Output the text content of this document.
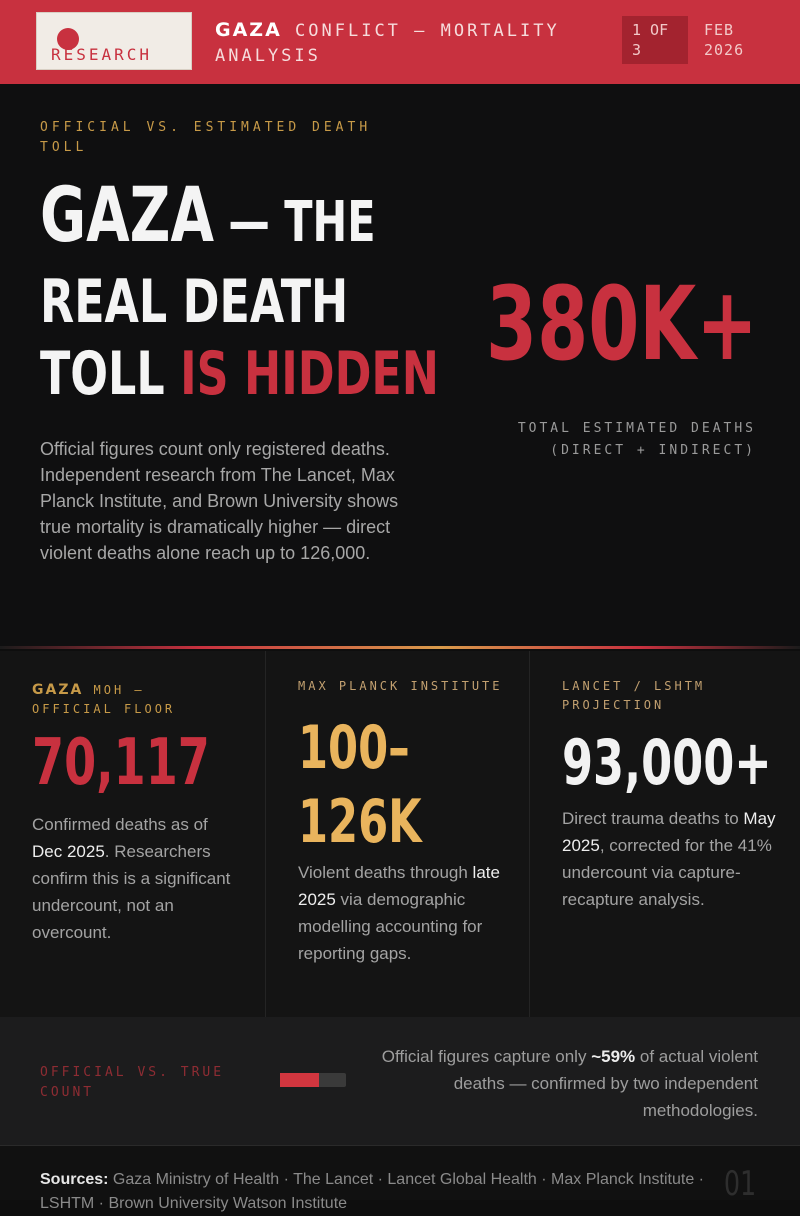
RESEARCH
GAZA CONFLICT — MORTALITY ANALYSIS
1 OF 3
FEB 2026
OFFICIAL VS. ESTIMATED DEATH TOLL
GAZA — THE
REAL DEATH
TOLL IS HIDDEN 380K+
TOTAL ESTIMATED DEATHS (DIRECT + INDIRECT)
Official figures count only registered deaths. Independent research from The Lancet, Max Planck Institute, and Brown University shows true mortality is dramatically higher — direct violent deaths alone reach up to 126,000.
GAZA MOH — OFFICIAL FLOOR
70,117
Confirmed deaths as of Dec 2025. Researchers confirm this is a significant undercount, not an overcount.
MAX PLANCK INSTITUTE
100–
126K
Violent deaths through late 2025 via demographic modelling accounting for reporting gaps.
LANCET / LSHTM PROJECTION
93,000+
Direct trauma deaths to May 2025, corrected for the 41% undercount via capture-recapture analysis.
OFFICIAL VS. TRUE COUNT
Official figures capture only ~59% of actual violent deaths — confirmed by two independent methodologies.
Sources: Gaza Ministry of Health · The Lancet · Lancet Global Health · Max Planck Institute · LSHTM · Brown University Watson Institute	01
